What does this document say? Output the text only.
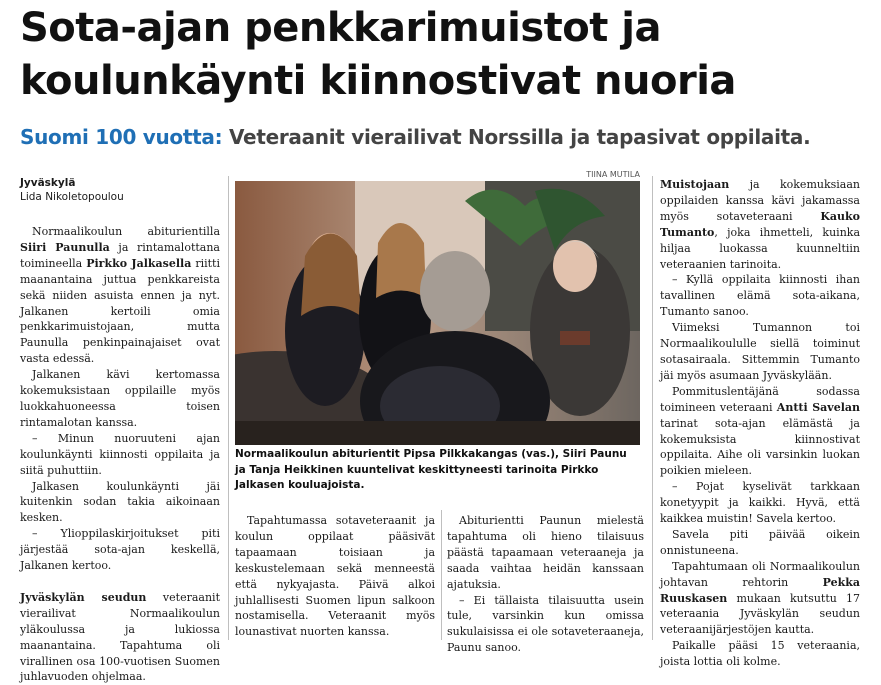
Sota-ajan penkkarimuistot ja koulunkäynti kiinnostivat nuoria

Suomi 100 vuotta: Veteraanit vierailivat Norssilla ja tapasivat oppilaita.

Jyväskylä

Lida Nikoletopoulou

Normaalikoulun abiturientilla Siiri Paunulla ja rintamalottana toimineella Pirkko Jalkasella riitti maanantaina juttua penkkareista sekä niiden asuista ennen ja nyt. Jalkanen kertoili omia penkkarimuistojaan, mutta Paunulla penkinpainajaiset ovat vasta edessä.

Jalkanen kävi kertomassa kokemuksistaan oppilaille myös luokkahuoneessa toisen rintamalotan kanssa.

– Minun nuoruuteni ajan koulunkäynti kiinnosti oppilaita ja siitä puhuttiin.

Jalkasen koulunkäynti jäi kuitenkin sodan takia aikoinaan kesken.

– Ylioppilaskirjoitukset piti järjestää sota-ajan keskellä, Jalkanen kertoo.

Jyväskylän seudun veteraanit vierailivat Normaalikoulun yläkoulussa ja lukiossa maanantaina. Tapahtuma oli virallinen osa 100-vuotisen Suomen juhlavuoden ohjelmaa.

TIINA MUTILA

Normaalikoulun abiturientit Pipsa Pilkkakangas (vas.), Siiri Paunu ja Tanja Heikkinen kuuntelivat keskittyneesti tarinoita Pirkko Jalkasen kouluajoista.

Tapahtumassa sotaveteraanit ja koulun oppilaat pääsivät tapaamaan toisiaan ja keskustelemaan sekä menneestä että nykyajasta. Päivä alkoi juhlallisesti Suomen lipun salkoon nostamisella. Veteraanit myös lounastivat nuorten kanssa.

Abiturientti Paunun mielestä tapahtuma oli hieno tilaisuus päästä tapaamaan veteraaneja ja saada vaihtaa heidän kanssaan ajatuksia.

– Ei tällaista tilaisuutta usein tule, varsinkin kun omissa sukulaisissa ei ole sotaveteraaneja, Paunu sanoo.

Muistojaan ja kokemuksiaan oppilaiden kanssa kävi jakamassa myös sotaveteraani Kauko Tumanto, joka ihmetteli, kuinka hiljaa luokassa kuunneltiin veteraanien tarinoita.

– Kyllä oppilaita kiinnosti ihan tavallinen elämä sota-aikana, Tumanto sanoo.

Viimeksi Tumannon toi Normaalikoululle siellä toiminut sotasairaala. Sittemmin Tumanto jäi myös asumaan Jyväskylään.

Pommituslentäjänä sodassa toimineen veteraani Antti Savelan tarinat sota-ajan elämästä ja kokemuksista kiinnostivat oppilaita. Aihe oli varsinkin luokan poikien mieleen.

– Pojat kyselivät tarkkaan konetyypit ja kaikki. Hyvä, että kaikkea muistin! Savela kertoo.

Savela piti päivää oikein onnistuneena.

Tapahtumaan oli Normaalikoulun johtavan rehtorin Pekka Ruuskasen mukaan kutsuttu 17 veteraania Jyväskylän seudun veteraanijärjestöjen kautta.

Paikalle pääsi 15 veteraania, joista lottia oli kolme.
